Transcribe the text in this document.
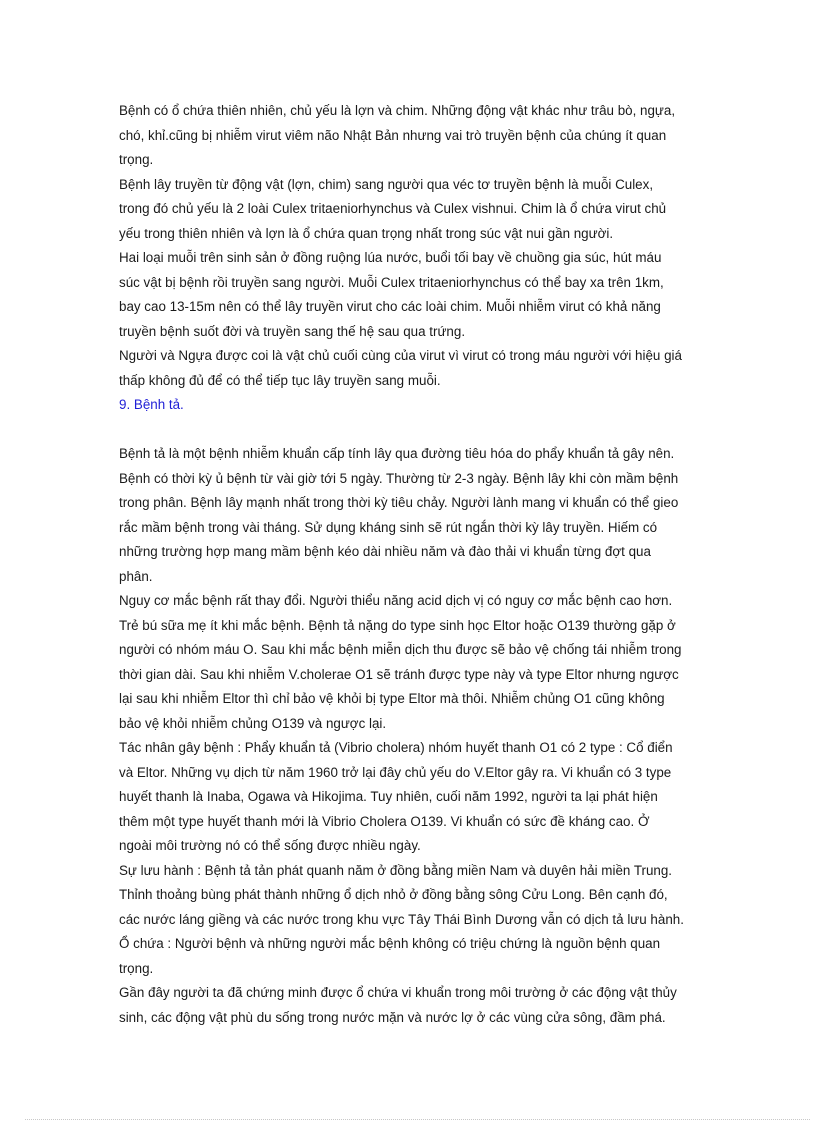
Bệnh có ổ chứa thiên nhiên, chủ yếu là lợn và chim. Những động vật khác như trâu bò, ngựa,
chó, khỉ.cũng bị nhiễm virut viêm não Nhật Bản nhưng vai trò truyền bệnh của chúng ít quan
trọng.
Bệnh lây truyền từ động vật (lợn, chim) sang người qua véc tơ truyền bệnh là muỗi Culex,
trong đó chủ yếu là 2 loài Culex tritaeniorhynchus và Culex vishnui. Chim là ổ chứa virut chủ
yếu trong thiên nhiên và lợn là ổ chứa quan trọng nhất trong súc vật nui gần người.
Hai loại muỗi trên sinh sản ở đồng ruộng lúa nước, buổi tối bay về chuồng gia súc, hút máu
súc vật bị bệnh rồi truyền sang người. Muỗi Culex tritaeniorhynchus có thể bay xa trên 1km,
bay cao 13-15m nên có thể lây truyền virut cho các loài chim. Muỗi nhiễm virut có khả năng
truyền bệnh suốt đời và truyền sang thế hệ sau qua trứng.
Người và Ngựa được coi là vật chủ cuối cùng của virut vì virut có trong máu người với hiệu giá
thấp không đủ để có thể tiếp tục lây truyền sang muỗi.
9. Bệnh tả.
Bệnh tả là một bệnh nhiễm khuẩn cấp tính lây qua đường tiêu hóa do phẩy khuẩn tả gây nên.
Bệnh có thời kỳ ủ bệnh từ vài giờ tới 5 ngày. Thường từ 2-3 ngày. Bệnh lây khi còn mầm bệnh
trong phân. Bệnh lây mạnh nhất trong thời kỳ tiêu chảy. Người lành mang vi khuẩn có thể gieo
rắc mầm bệnh trong vài tháng. Sử dụng kháng sinh sẽ rút ngắn thời kỳ lây truyền. Hiếm có
những trường hợp mang mầm bệnh kéo dài nhiều năm và đào thải vi khuẩn từng đợt qua
phân.
Nguy cơ mắc bệnh rất thay đổi. Người thiểu năng acid dịch vị có nguy cơ mắc bệnh cao hơn.
Trẻ bú sữa mẹ ít khi mắc bệnh. Bệnh tả nặng do type sinh học Eltor hoặc O139 thường gặp ở
người có nhóm máu O. Sau khi mắc bệnh miễn dịch thu được sẽ bảo vệ chống tái nhiễm trong
thời gian dài. Sau khi nhiễm V.cholerae O1 sẽ tránh được type này và type Eltor nhưng ngược
lại sau khi nhiễm Eltor thì chỉ bảo vệ khỏi bị type Eltor mà thôi. Nhiễm chủng O1 cũng không
bảo vệ khỏi nhiễm chủng O139 và ngược lại.
Tác nhân gây bệnh : Phẩy khuẩn tả (Vibrio cholera) nhóm huyết thanh O1 có 2 type : Cổ điển
và Eltor. Những vụ dịch từ năm 1960 trở lại đây chủ yếu do V.Eltor gây ra. Vi khuẩn có 3 type
huyết thanh là Inaba, Ogawa và Hikojima. Tuy nhiên, cuối năm 1992, người ta lại phát hiện
thêm một type huyết thanh mới là Vibrio Cholera O139. Vi khuẩn có sức đề kháng cao. Ở
ngoài môi trường nó có thể sống được nhiều ngày.
Sự lưu hành : Bệnh tả tản phát quanh năm ở đồng bằng miền Nam và duyên hải miền Trung.
Thỉnh thoảng bùng phát thành những ổ dịch nhỏ ở đồng bằng sông Cửu Long. Bên cạnh đó,
các nước láng giềng và các nước trong khu vực Tây Thái Bình Dương vẫn có dịch tả lưu hành.
Ổ chứa : Người bệnh và những người mắc bệnh không có triệu chứng là nguồn bệnh quan
trọng.
Gần đây người ta đã chứng minh được ổ chứa vi khuẩn trong môi trường ở các động vật thủy
sinh, các động vật phù du sống trong nước mặn và nước lợ ở các vùng cửa sông, đầm phá.
